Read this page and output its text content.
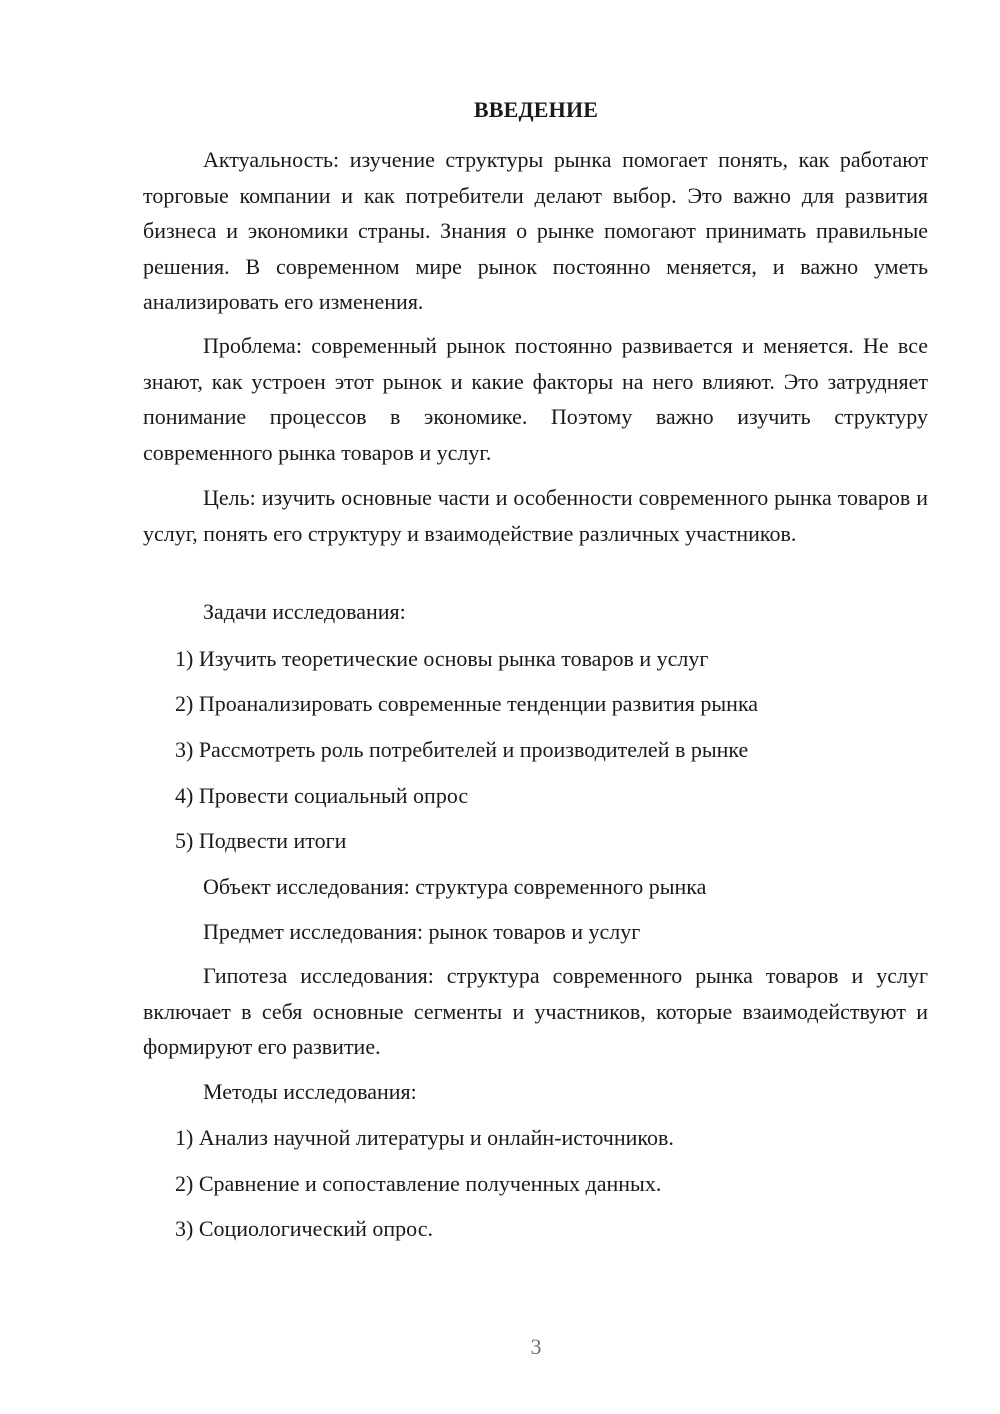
ВВЕДЕНИЕ

Актуальность: изучение структуры рынка помогает понять, как работают торговые компании и как потребители делают выбор. Это важно для развития бизнеса и экономики страны. Знания о рынке помогают принимать правильные решения. В современном мире рынок постоянно меняется, и важно уметь анализировать его изменения.

Проблема: современный рынок постоянно развивается и меняется. Не все знают, как устроен этот рынок и какие факторы на него влияют. Это затрудняет понимание процессов в экономике. Поэтому важно изучить структуру современного рынка товаров и услуг.

Цель: изучить основные части и особенности современного рынка товаров и услуг, понять его структуру и взаимодействие различных участников.

Задачи исследования:

1) Изучить теоретические основы рынка товаров и услуг

2) Проанализировать современные тенденции развития рынка

3) Рассмотреть роль потребителей и производителей в рынке

4) Провести социальный опрос

5) Подвести итоги

Объект исследования: структура современного рынка

Предмет исследования: рынок товаров и услуг

Гипотеза исследования: структура современного рынка товаров и услуг включает в себя основные сегменты и участников, которые взаимодействуют и формируют его развитие.

Методы исследования:

1) Анализ научной литературы и онлайн-источников.

2) Сравнение и сопоставление полученных данных.

3) Социологический опрос.

3
